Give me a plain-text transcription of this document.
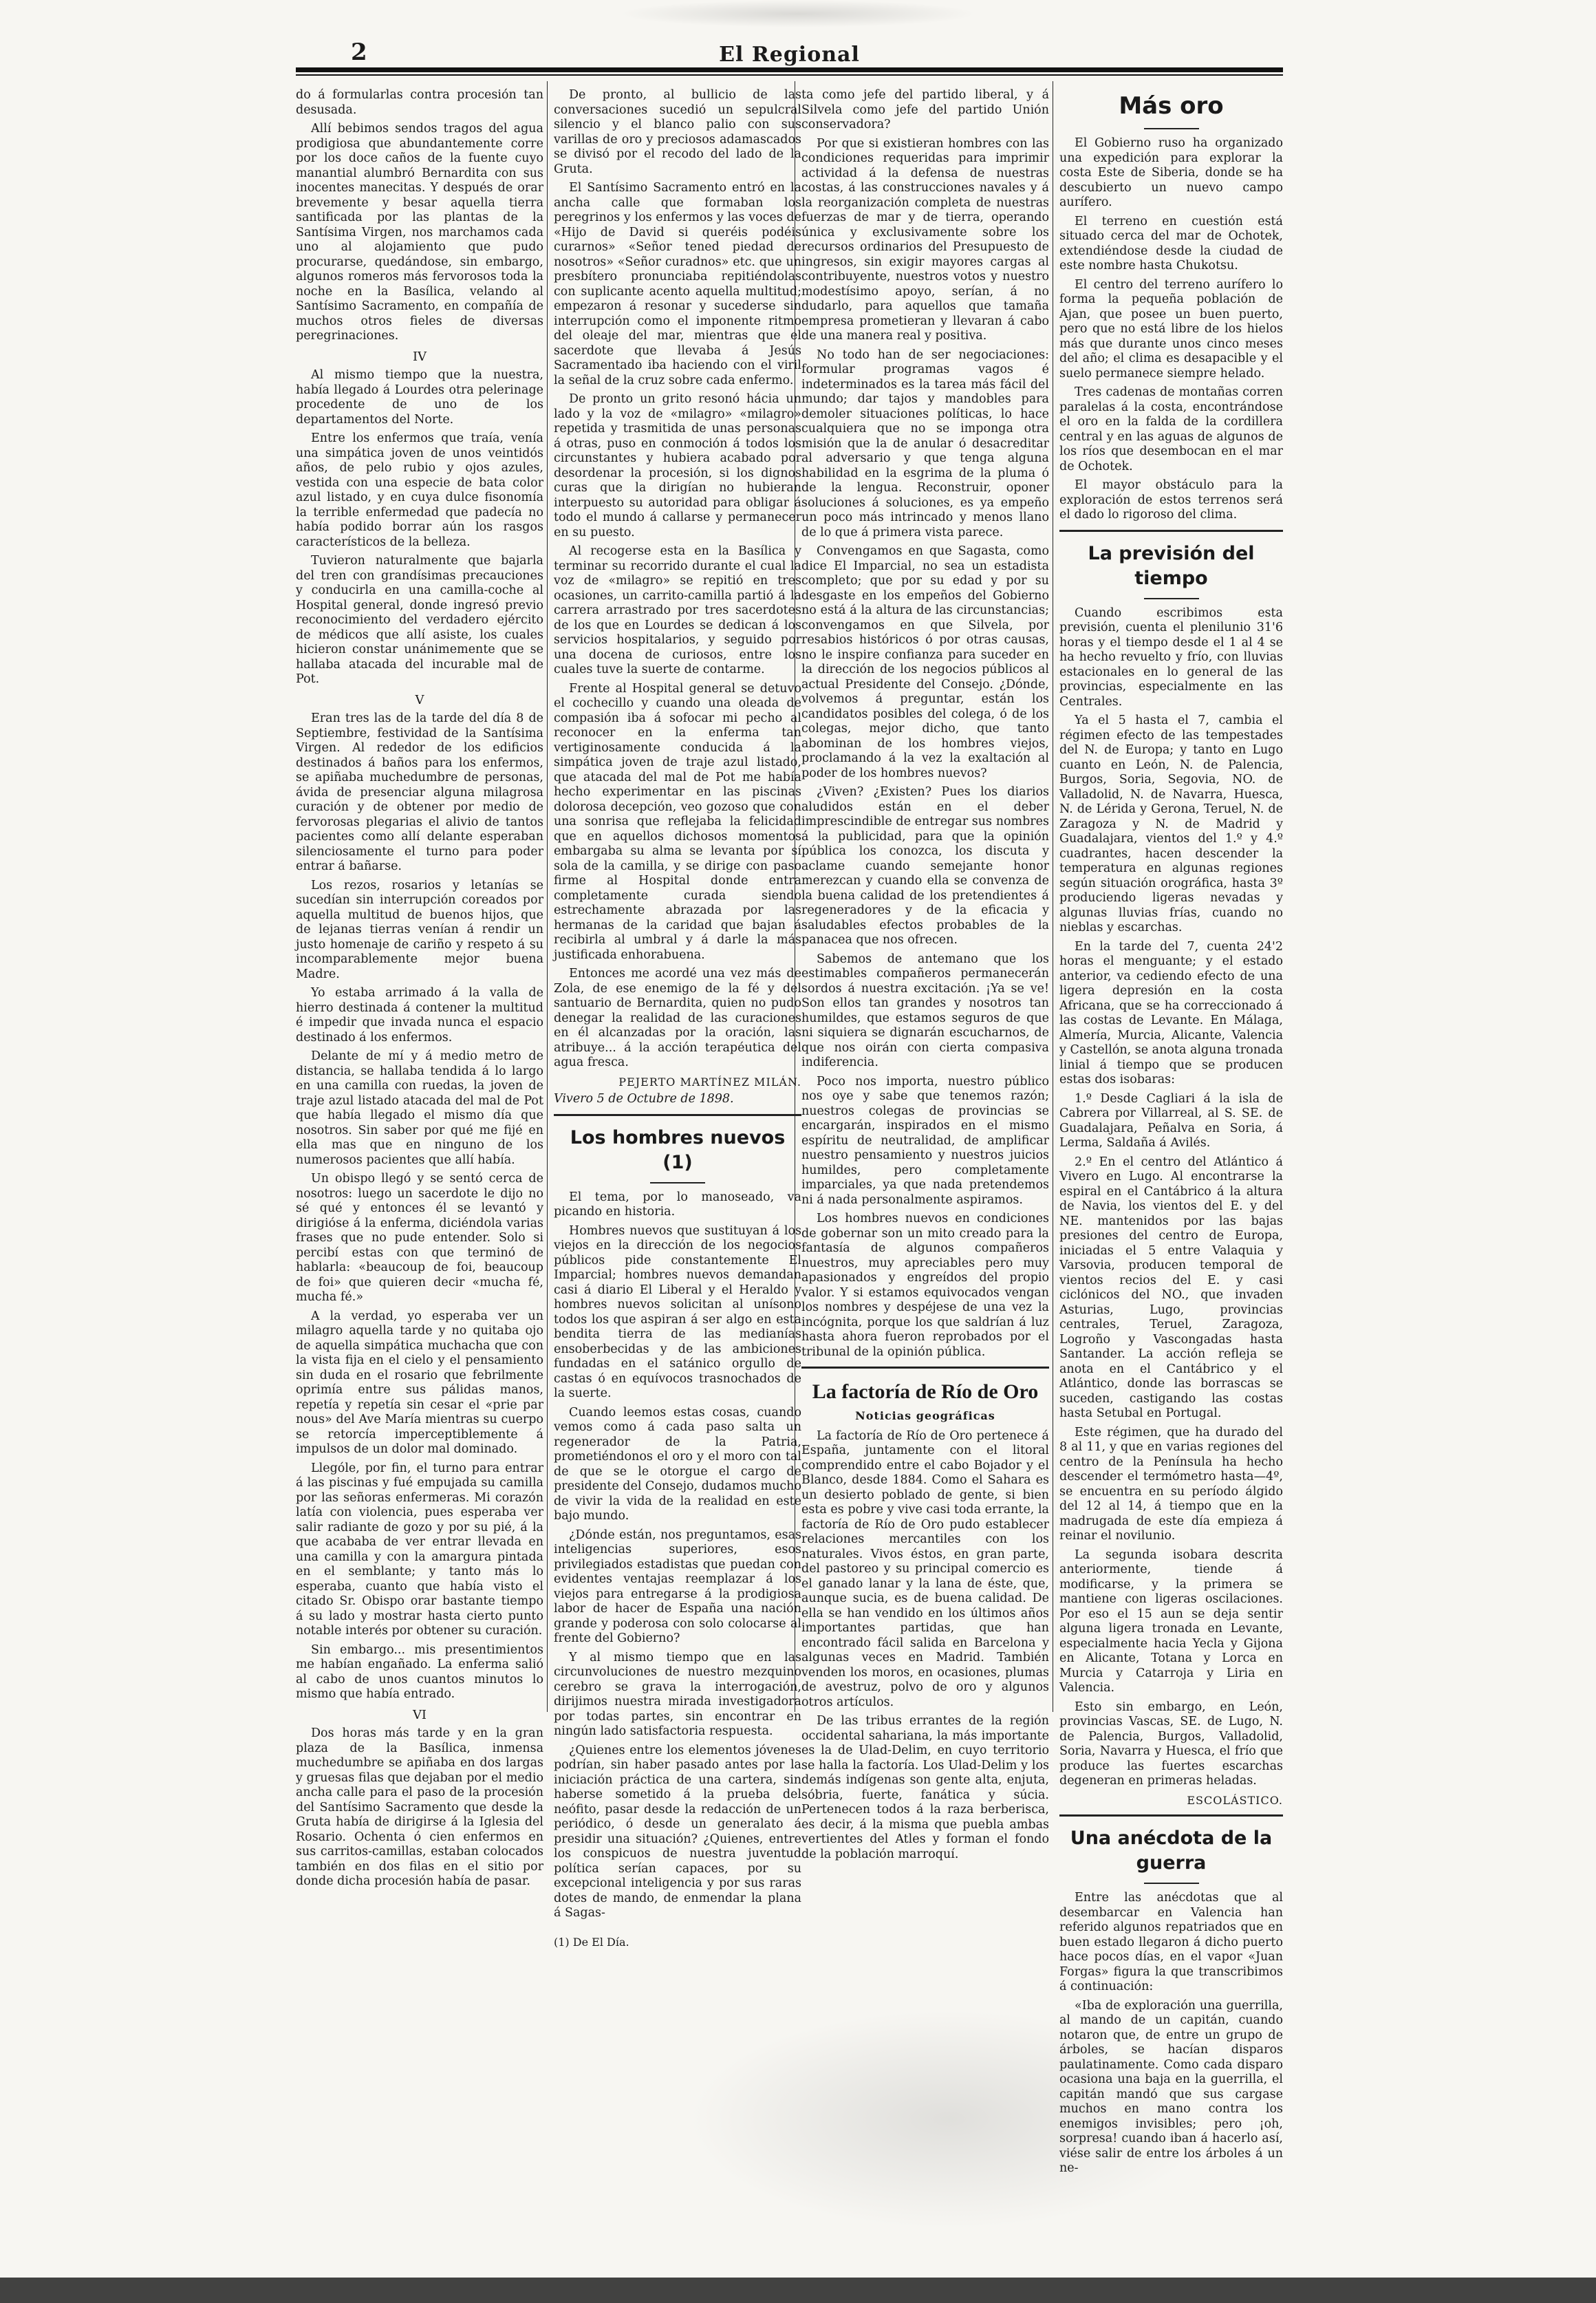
2	El Regional

do á formularlas contra procesión tan desusada.

Allí bebimos sendos tragos del agua prodigiosa que abundantemente corre por los doce caños de la fuente cuyo manantial alumbró Bernardita con sus inocentes manecitas. Y después de orar brevemente y besar aquella tierra santificada por las plantas de la Santísima Virgen, nos marchamos cada uno al alojamiento que pudo procurarse, quedándose, sin embargo, algunos romeros más fervorosos toda la noche en la Basílica, velando al Santísimo Sacramento, en compañía de muchos otros fieles de diversas peregrinaciones.

IV

Al mismo tiempo que la nuestra, había llegado á Lourdes otra pelerinage procedente de uno de los departamentos del Norte.

Entre los enfermos que traía, venía una simpática joven de unos veintidós años, de pelo rubio y ojos azules, vestida con una especie de bata color azul listado, y en cuya dulce fisonomía la terrible enfermedad que padecía no había podido borrar aún los rasgos característicos de la belleza.

Tuvieron naturalmente que bajarla del tren con grandísimas precauciones y conducirla en una camilla-coche al Hospital general, donde ingresó previo reconocimiento del verdadero ejército de médicos que allí asiste, los cuales hicieron constar unánimemente que se hallaba atacada del incurable mal de Pot.

V

Eran tres las de la tarde del día 8 de Septiembre, festividad de la Santísima Virgen. Al rededor de los edificios destinados á baños para los enfermos, se apiñaba muchedumbre de personas, ávida de presenciar alguna milagrosa curación y de obtener por medio de fervorosas plegarias el alivio de tantos pacientes como allí delante esperaban silenciosamente el turno para poder entrar á bañarse.

Los rezos, rosarios y letanías se sucedían sin interrupción coreados por aquella multitud de buenos hijos, que de lejanas tierras venían á rendir un justo homenaje de cariño y respeto á su incomparablemente mejor buena Madre.

Yo estaba arrimado á la valla de hierro destinada á contener la multitud é impedir que invada nunca el espacio destinado á los enfermos.

Delante de mí y á medio metro de distancia, se hallaba tendida á lo largo en una camilla con ruedas, la joven de traje azul listado atacada del mal de Pot que había llegado el mismo día que nosotros. Sin saber por qué me fijé en ella mas que en ninguno de los numerosos pacientes que allí había.

Un obispo llegó y se sentó cerca de nosotros: luego un sacerdote le dijo no sé qué y entonces él se levantó y dirigióse á la enferma, diciéndola varias frases que no pude entender. Solo si percibí estas con que terminó de hablarla: «beaucoup de foi, beaucoup de foi» que quieren decir «mucha fé, mucha fé.»

A la verdad, yo esperaba ver un milagro aquella tarde y no quitaba ojo de aquella simpática muchacha que con la vista fija en el cielo y el pensamiento sin duda en el rosario que febrilmente oprimía entre sus pálidas manos, repetía y repetía sin cesar el «prie par nous» del Ave María mientras su cuerpo se retorcía imperceptiblemente á impulsos de un dolor mal dominado.

Llególe, por fin, el turno para entrar á las piscinas y fué empujada su camilla por las señoras enfermeras. Mi corazón latía con violencia, pues esperaba ver salir radiante de gozo y por su pié, á la que acababa de ver entrar llevada en una camilla y con la amargura pintada en el semblante; y tanto más lo esperaba, cuanto que había visto el citado Sr. Obispo orar bastante tiempo á su lado y mostrar hasta cierto punto notable interés por obtener su curación.

Sin embargo... mis presentimientos me habían engañado. La enferma salió al cabo de unos cuantos minutos lo mismo que había entrado.

VI

Dos horas más tarde y en la gran plaza de la Basílica, inmensa muchedumbre se apiñaba en dos largas y gruesas filas que dejaban por el medio ancha calle para el paso de la procesión del Santísimo Sacramento que desde la Gruta había de dirigirse á la Iglesia del Rosario. Ochenta ó cien enfermos en sus carritos-camillas, estaban colocados también en dos filas en el sitio por donde dicha procesión había de pasar.

De pronto, al bullicio de las conversaciones sucedió un sepulcral silencio y el blanco palio con sus varillas de oro y preciosos adamascados se divisó por el recodo del lado de la Gruta.

El Santísimo Sacramento entró en la ancha calle que formaban los peregrinos y los enfermos y las voces de «Hijo de David si queréis podéis curarnos» «Señor tened piedad de nosotros» «Señor curadnos» etc. que un presbítero pronunciaba repitiéndolas con suplicante acento aquella multitud; empezaron á resonar y sucederse sin interrupción como el imponente ritmo del oleaje del mar, mientras que el sacerdote que llevaba á Jesús Sacramentado iba haciendo con el viril la señal de la cruz sobre cada enfermo.

De pronto un grito resonó hácia un lado y la voz de «milagro» «milagro» repetida y trasmitida de unas personas á otras, puso en conmoción á todos los circunstantes y hubiera acabado por desordenar la procesión, si los dignos curas que la dirigían no hubieran interpuesto su autoridad para obligar á todo el mundo á callarse y permanecer en su puesto.

Al recogerse esta en la Basílica y terminar su recorrido durante el cual la voz de «milagro» se repitió en tres ocasiones, un carrito-camilla partió á la carrera arrastrado por tres sacerdotes de los que en Lourdes se dedican á los servicios hospitalarios, y seguido por una docena de curiosos, entre los cuales tuve la suerte de contarme.

Frente al Hospital general se detuvo el cochecillo y cuando una oleada de compasión iba á sofocar mi pecho al reconocer en la enferma tan vertiginosamente conducida á la simpática joven de traje azul listado, que atacada del mal de Pot me había hecho experimentar en las piscinas dolorosa decepción, veo gozoso que con una sonrisa que reflejaba la felicidad que en aquellos dichosos momentos embargaba su alma se levanta por sí sola de la camilla, y se dirige con paso firme al Hospital donde entra completamente curada siendo estrechamente abrazada por las hermanas de la caridad que bajan á recibirla al umbral y á darle la más justificada enhorabuena.

Entonces me acordé una vez más de Zola, de ese enemigo de la fé y del santuario de Bernardita, quien no pudo denegar la realidad de las curaciones en él alcanzadas por la oración, las atribuye... á la acción terapéutica del agua fresca.

PEJERTO MARTÍNEZ MILÁN.
Vivero 5 de Octubre de 1898.
Los hombres nuevos (1)

El tema, por lo manoseado, va picando en historia.

Hombres nuevos que sustituyan á los viejos en la dirección de los negocios públicos pide constantemente El Imparcial; hombres nuevos demandan casi á diario El Liberal y el Heraldo y hombres nuevos solicitan al unísono todos los que aspiran á ser algo en esta bendita tierra de las medianías ensoberbecidas y de las ambiciones fundadas en el satánico orgullo de castas ó en equívocos trasnochados de la suerte.

Cuando leemos estas cosas, cuando vemos como á cada paso salta un regenerador de la Patria, prometiéndonos el oro y el moro con tal de que se le otorgue el cargo de presidente del Consejo, dudamos mucho de vivir la vida de la realidad en este bajo mundo.

¿Dónde están, nos preguntamos, esas inteligencias superiores, esos privilegiados estadistas que puedan con evidentes ventajas reemplazar á los viejos para entregarse á la prodigiosa labor de hacer de España una nación grande y poderosa con solo colocarse al frente del Gobierno?

Y al mismo tiempo que en las circunvoluciones de nuestro mezquino cerebro se grava la interrogación, dirijimos nuestra mirada investigadora por todas partes, sin encontrar en ningún lado satisfactoria respuesta.

¿Quienes entre los elementos jóvenes podrían, sin haber pasado antes por la iniciación práctica de una cartera, sin haberse sometido á la prueba del neófito, pasar desde la redacción de un periódico, ó desde un generalato á presidir una situación? ¿Quienes, entre los conspicuos de nuestra juventud política serían capaces, por su excepcional inteligencia y por sus raras dotes de mando, de enmendar la plana á Sagas-

(1) De El Día.

ta como jefe del partido liberal, y á Silvela como jefe del partido Unión conservadora?

Por que si existieran hombres con las condiciones requeridas para imprimir actividad á la defensa de nuestras costas, á las construcciones navales y á la reorganización completa de nuestras fuerzas de mar y de tierra, operando única y exclusivamente sobre los recursos ordinarios del Presupuesto de ingresos, sin exigir mayores cargas al contribuyente, nuestros votos y nuestro modestísimo apoyo, serían, á no dudarlo, para aquellos que tamaña empresa prometieran y llevaran á cabo de una manera real y positiva.

No todo han de ser negociaciones: formular programas vagos é indeterminados es la tarea más fácil del mundo; dar tajos y mandobles para demoler situaciones políticas, lo hace cualquiera que no se imponga otra misión que la de anular ó desacreditar al adversario y que tenga alguna habilidad en la esgrima de la pluma ó de la lengua. Reconstruir, oponer soluciones á soluciones, es ya empeño un poco más intrincado y menos llano de lo que á primera vista parece.

Convengamos en que Sagasta, como dice El Imparcial, no sea un estadista completo; que por su edad y por su desgaste en los empeños del Gobierno no está á la altura de las circunstancias; convengamos en que Silvela, por resabios históricos ó por otras causas, no le inspire confianza para suceder en la dirección de los negocios públicos al actual Presidente del Consejo. ¿Dónde, volvemos á preguntar, están los candidatos posibles del colega, ó de los colegas, mejor dicho, que tanto abominan de los hombres viejos, proclamando á la vez la exaltación al poder de los hombres nuevos?

¿Viven? ¿Existen? Pues los diarios aludidos están en el deber imprescindible de entregar sus nombres á la publicidad, para que la opinión pública los conozca, los discuta y aclame cuando semejante honor merezcan y cuando ella se convenza de la buena calidad de los pretendientes á regeneradores y de la eficacia y saludables efectos probables de la panacea que nos ofrecen.

Sabemos de antemano que los estimables compañeros permanecerán sordos á nuestra excitación. ¡Ya se ve! Son ellos tan grandes y nosotros tan humildes, que estamos seguros de que ni siquiera se dignarán escucharnos, de que nos oirán con cierta compasiva indiferencia.

Poco nos importa, nuestro público nos oye y sabe que tenemos razón; nuestros colegas de provincias se encargarán, inspirados en el mismo espíritu de neutralidad, de amplificar nuestro pensamiento y nuestros juicios humildes, pero completamente imparciales, ya que nada pretendemos ni á nada personalmente aspiramos.

Los hombres nuevos en condiciones de gobernar son un mito creado para la fantasía de algunos compañeros nuestros, muy apreciables pero muy apasionados y engreídos del propio valor. Y si estamos equivocados vengan los nombres y despéjese de una vez la incógnita, porque los que saldrían á luz hasta ahora fueron reprobados por el tribunal de la opinión pública.

La factoría de Río de Oro
Noticias geográficas

La factoría de Río de Oro pertenece á España, juntamente con el litoral comprendido entre el cabo Bojador y el Blanco, desde 1884. Como el Sahara es un desierto poblado de gente, si bien esta es pobre y vive casi toda errante, la factoría de Río de Oro pudo establecer relaciones mercantiles con los naturales. Vivos éstos, en gran parte, del pastoreo y su principal comercio es el ganado lanar y la lana de éste, que, aunque sucia, es de buena calidad. De ella se han vendido en los últimos años importantes partidas, que han encontrado fácil salida en Barcelona y algunas veces en Madrid. También venden los moros, en ocasiones, plumas de avestruz, polvo de oro y algunos otros artículos.

De las tribus errantes de la región occidental sahariana, la más importante es la de Ulad-Delim, en cuyo territorio se halla la factoría. Los Ulad-Delim y los demás indígenas son gente alta, enjuta, sóbria, fuerte, fanática y súcia. Pertenecen todos á la raza berberisca, es decir, á la misma que puebla ambas vertientes del Atles y forman el fondo de la población marroquí.

Más oro

El Gobierno ruso ha organizado una expedición para explorar la costa Este de Siberia, donde se ha descubierto un nuevo campo aurífero.

El terreno en cuestión está situado cerca del mar de Ochotek, extendiéndose desde la ciudad de este nombre hasta Chukotsu.

El centro del terreno aurífero lo forma la pequeña población de Ajan, que posee un buen puerto, pero que no está libre de los hielos más que durante unos cinco meses del año; el clima es desapacible y el suelo permanece siempre helado.

Tres cadenas de montañas corren paralelas á la costa, encontrándose el oro en la falda de la cordillera central y en las aguas de algunos de los ríos que desembocan en el mar de Ochotek.

El mayor obstáculo para la exploración de estos terrenos será el dado lo rigoroso del clima.

La previsión del tiempo

Cuando escribimos esta previsión, cuenta el plenilunio 31'6 horas y el tiempo desde el 1 al 4 se ha hecho revuelto y frío, con lluvias estacionales en lo general de las provincias, especialmente en las Centrales.

Ya el 5 hasta el 7, cambia el régimen efecto de las tempestades del N. de Europa; y tanto en Lugo cuanto en León, N. de Palencia, Burgos, Soria, Segovia, NO. de Valladolid, N. de Navarra, Huesca, N. de Lérida y Gerona, Teruel, N. de Zaragoza y N. de Madrid y Guadalajara, vientos del 1.º y 4.º cuadrantes, hacen descender la temperatura en algunas regiones según situación orográfica, hasta 3º produciendo ligeras nevadas y algunas lluvias frías, cuando no nieblas y escarchas.

En la tarde del 7, cuenta 24'2 horas el menguante; y el estado anterior, va cediendo efecto de una ligera depresión en la costa Africana, que se ha correccionado á las costas de Levante. En Málaga, Almería, Murcia, Alicante, Valencia y Castellón, se anota alguna tronada linial á tiempo que se producen estas dos isobaras:

1.º Desde Cagliari á la isla de Cabrera por Villarreal, al S. SE. de Guadalajara, Peñalva en Soria, á Lerma, Saldaña á Avilés.

2.º En el centro del Atlántico á Vivero en Lugo. Al encontrarse la espiral en el Cantábrico á la altura de Navia, los vientos del E. y del NE. mantenidos por las bajas presiones del centro de Europa, iniciadas el 5 entre Valaquia y Varsovia, producen temporal de vientos recios del E. y casi ciclónicos del NO., que invaden Asturias, Lugo, provincias centrales, Teruel, Zaragoza, Logroño y Vascongadas hasta Santander. La acción refleja se anota en el Cantábrico y el Atlántico, donde las borrascas se suceden, castigando las costas hasta Setubal en Portugal.

Este régimen, que ha durado del 8 al 11, y que en varias regiones del centro de la Península ha hecho descender el termómetro hasta—4º, se encuentra en su período álgido del 12 al 14, á tiempo que en la madrugada de este día empieza á reinar el novilunio.

La segunda isobara descrita anteriormente, tiende á modificarse, y la primera se mantiene con ligeras oscilaciones. Por eso el 15 aun se deja sentir alguna ligera tronada en Levante, especialmente hacia Yecla y Gijona en Alicante, Totana y Lorca en Murcia y Catarroja y Liria en Valencia.

Esto sin embargo, en León, provincias Vascas, SE. de Lugo, N. de Palencia, Burgos, Valladolid, Soria, Navarra y Huesca, el frío que produce las fuertes escarchas degeneran en primeras heladas.

ESCOLÁSTICO.
Una anécdota de la guerra

Entre las anécdotas que al desembarcar en Valencia han referido algunos repatriados que en buen estado llegaron á dicho puerto hace pocos días, en el vapor «Juan Forgas» figura la que transcribimos á continuación:

«Iba de exploración una guerrilla, al mando de un capitán, cuando notaron que, de entre un grupo de árboles, se hacían disparos paulatinamente. Como cada disparo ocasiona una baja en la guerrilla, el capitán mandó que sus cargase muchos en mano contra los enemigos invisibles; pero ¡oh, sorpresa! cuando iban á hacerlo así, viése salir de entre los árboles á un ne-
